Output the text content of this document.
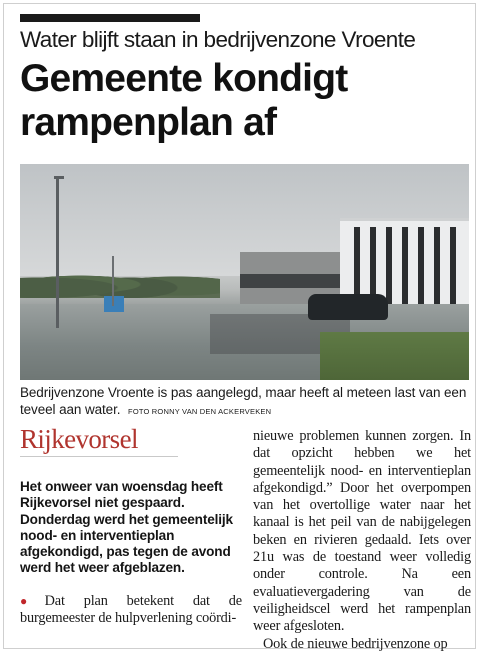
Water blijft staan in bedrijvenzone Vroente
Gemeente kondigt rampenplan af
Bedrijvenzone Vroente is pas aangelegd, maar heeft al meteen last van een teveel aan water. FOTO RONNY VAN DEN ACKERVEKEN
Rijkevorsel
Het onweer van woensdag heeft Rijkevorsel niet gespaard. Donderdag werd het gemeentelijk nood- en interventieplan afgekondigd, pas tegen de avond werd het weer afgeblazen.
● Dat plan betekent dat de burgemeester de hulpverlening coördi-

nieuwe problemen kunnen zorgen. In dat opzicht hebben we het gemeentelijk nood- en interventieplan afgekondigd.” Door het overpompen van het overtollige water naar het kanaal is het peil van de nabijgelegen beken en rivieren gedaald. Iets over 21u was de toestand weer volledig onder controle. Na een evaluatievergadering van de veiligheidscel werd het rampenplan weer afgesloten.

Ook de nieuwe bedrijvenzone op
